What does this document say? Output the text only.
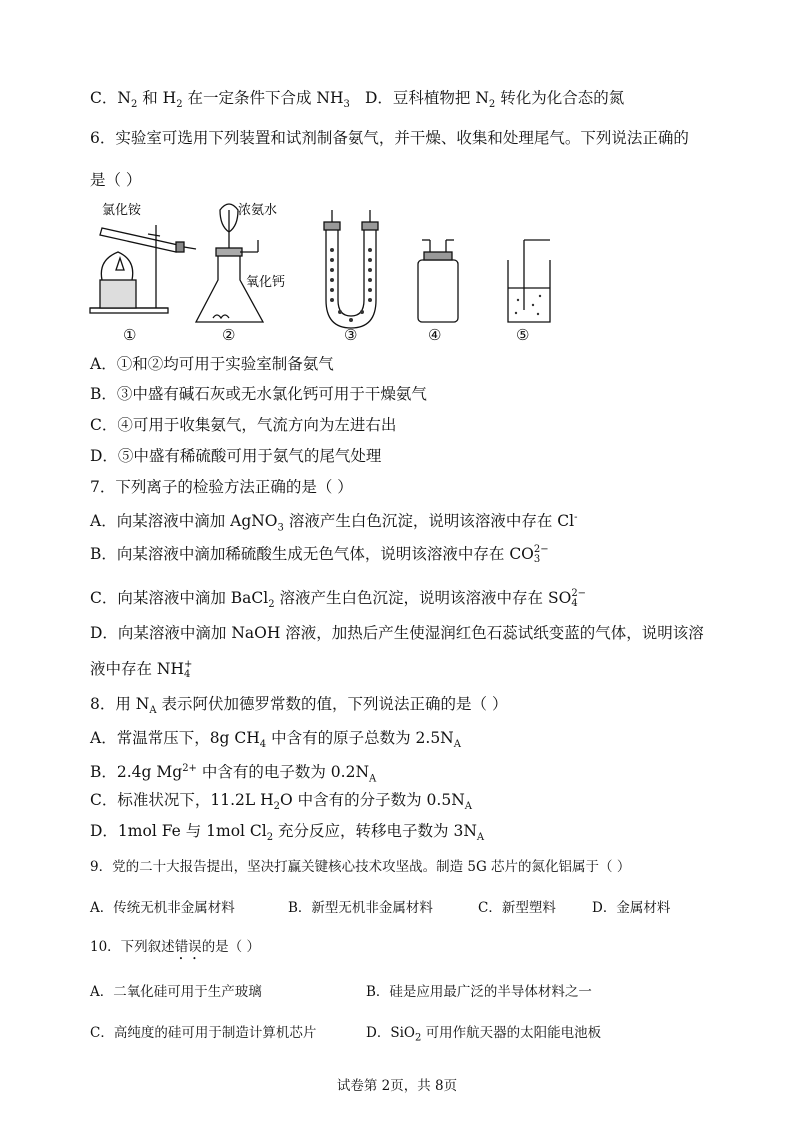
C．$N_2$ 和 $H_2$ 在一定条件下合成 $NH_3$ D．豆科植物把 $N_2$ 转化为化合态的氮
6．实验室可选用下列装置和试剂制备氨气，并干燥、收集和处理尾气。下列说法正确的
是（ ）
氯化铵	浓氨水
氧化钙
①	②	③	④	⑤
A．①和②均可用于实验室制备氨气
B．③中盛有碱石灰或无水氯化钙可用于干燥氨气
C．④可用于收集氨气，气流方向为左进右出
D．⑤中盛有稀硫酸可用于氨气的尾气处理
7．下列离子的检验方法正确的是（ ）
A．向某溶液中滴加 AgNO$_3$ 溶液产生白色沉淀，说明该溶液中存在 Cl-
B．向某溶液中滴加稀硫酸生成无色气体，说明该溶液中存在 CO 2−
3
C．向某溶液中滴加 BaCl$_2$ 溶液产生白色沉淀，说明该溶液中存在 SO 2−
4
D．向某溶液中滴加 NaOH 溶液，加热后产生使湿润红色石蕊试纸变蓝的气体，说明该溶
液中存在 NH +
4
8．用 $N_A$ 表示阿伏加德罗常数的值，下列说法正确的是（ ）
A．常温常压下，8g $CH_4$ 中含有的原子总数为 $2.5N_A$
B．2.4g $Mg^{2+}$ 中含有的电子数为 $0.2N_A$
C．标准状况下，11.2L $H_2O$ 中含有的分子数为 $0.5N_A$
D．1mol Fe 与 1mol $Cl_2$ 充分反应，转移电子数为 $3N_A$
9．党的二十大报告提出，坚决打赢关键核心技术攻坚战。制造 5G 芯片的氮化铝属于（ ）
A．传统无机非金属材料	B．新型无机非金属材料	C．新型塑料	D．金属材料
10．下列叙述错误的是（ ）
A．二氧化硅可用于生产玻璃	B．硅是应用最广泛的半导体材料之一
C．高纯度的硅可用于制造计算机芯片	D．SiO$_2$ 可用作航天器的太阳能电池板
试卷第 2页，共 8页
